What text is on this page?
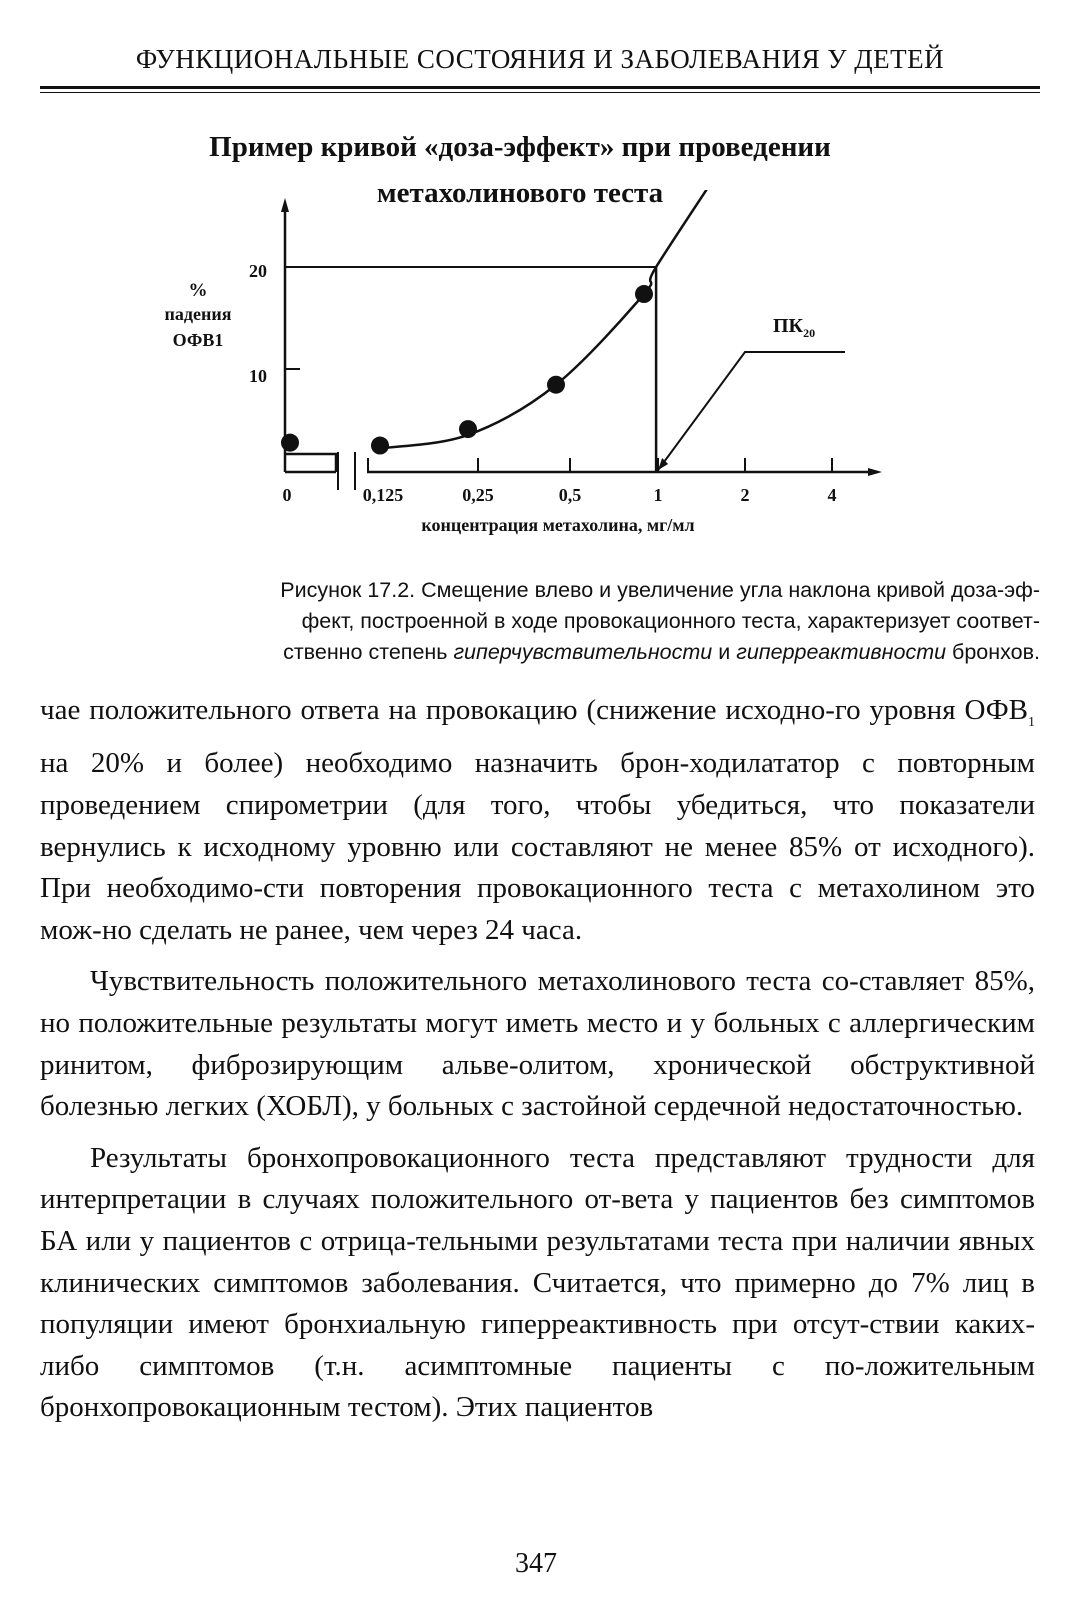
ФУНКЦИОНАЛЬНЫЕ СОСТОЯНИЯ И ЗАБОЛЕВАНИЯ У ДЕТЕЙ
Пример кривой «доза-эффект» при проведении
метахолинового теста
%
падения
ОФВ1
10
20
0	0,125	0,25	0,5	1	2	4
концентрация метахолина, мг/мл
$ПК_{20}$
Рисунок 17.2. Смещение влево и увеличение угла наклона кривой доза-эф-
фект, построенной в ходе провокационного теста, характеризует соответ-
ственно степень гиперчувствительности и гиперреактивности бронхов.

чае положительного ответа на провокацию (снижение исходно-го уровня $ОФВ_1$ на 20% и более) необходимо назначить брон-ходилататор с повторным проведением спирометрии (для того, чтобы убедиться, что показатели вернулись к исходному уровню или составляют не менее 85% от исходного). При необходимо-сти повторения провокационного теста с метахолином это мож-но сделать не ранее, чем через 24 часа.

Чувствительность положительного метахолинового теста со-ставляет 85%, но положительные результаты могут иметь место и у больных с аллергическим ринитом, фиброзирующим альве-олитом, хронической обструктивной болезнью легких (ХОБЛ), у больных с застойной сердечной недостаточностью.

Результаты бронхопровокационного теста представляют трудности для интерпретации в случаях положительного от-вета у пациентов без симптомов БА или у пациентов с отрица-тельными результатами теста при наличии явных клинических симптомов заболевания. Считается, что примерно до 7% лиц в популяции имеют бронхиальную гиперреактивность при отсут-ствии каких-либо симптомов (т.н. асимптомные пациенты с по-ложительным бронхопровокационным тестом). Этих пациентов

347
